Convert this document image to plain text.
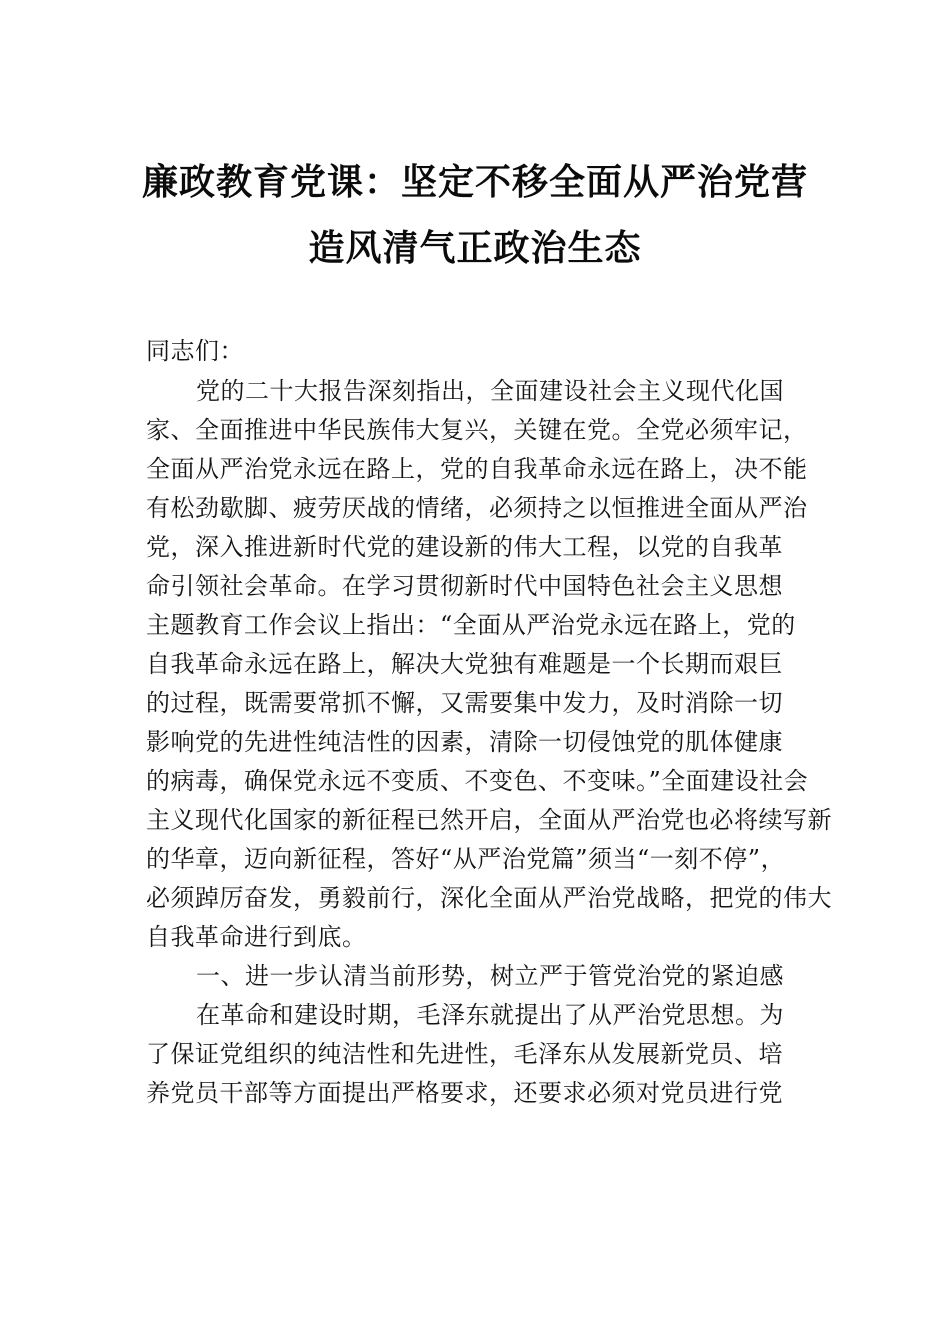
廉政教育党课：坚定不移全面从严治党营
造风清气正政治生态
同志们：
党的二十大报告深刻指出，全面建设社会主义现代化国
家、全面推进中华民族伟大复兴，关键在党。全党必须牢记，
全面从严治党永远在路上，党的自我革命永远在路上，决不能
有松劲歇脚、疲劳厌战的情绪，必须持之以恒推进全面从严治
党，深入推进新时代党的建设新的伟大工程，以党的自我革
命引领社会革命。在学习贯彻新时代中国特色社会主义思想
主题教育工作会议上指出：“全面从严治党永远在路上，党的
自我革命永远在路上，解决大党独有难题是一个长期而艰巨
的过程，既需要常抓不懈，又需要集中发力，及时消除一切
影响党的先进性纯洁性的因素，清除一切侵蚀党的肌体健康
的病毒，确保党永远不变质、不变色、不变味。”全面建设社会
主义现代化国家的新征程已然开启，全面从严治党也必将续写新
的华章，迈向新征程，答好“从严治党篇”须当“一刻不停”，
必须踔厉奋发，勇毅前行，深化全面从严治党战略，把党的伟大
自我革命进行到底。
一、进一步认清当前形势，树立严于管党治党的紧迫感
在革命和建设时期，毛泽东就提出了从严治党思想。为
了保证党组织的纯洁性和先进性，毛泽东从发展新党员、培
养党员干部等方面提出严格要求，还要求必须对党员进行党
